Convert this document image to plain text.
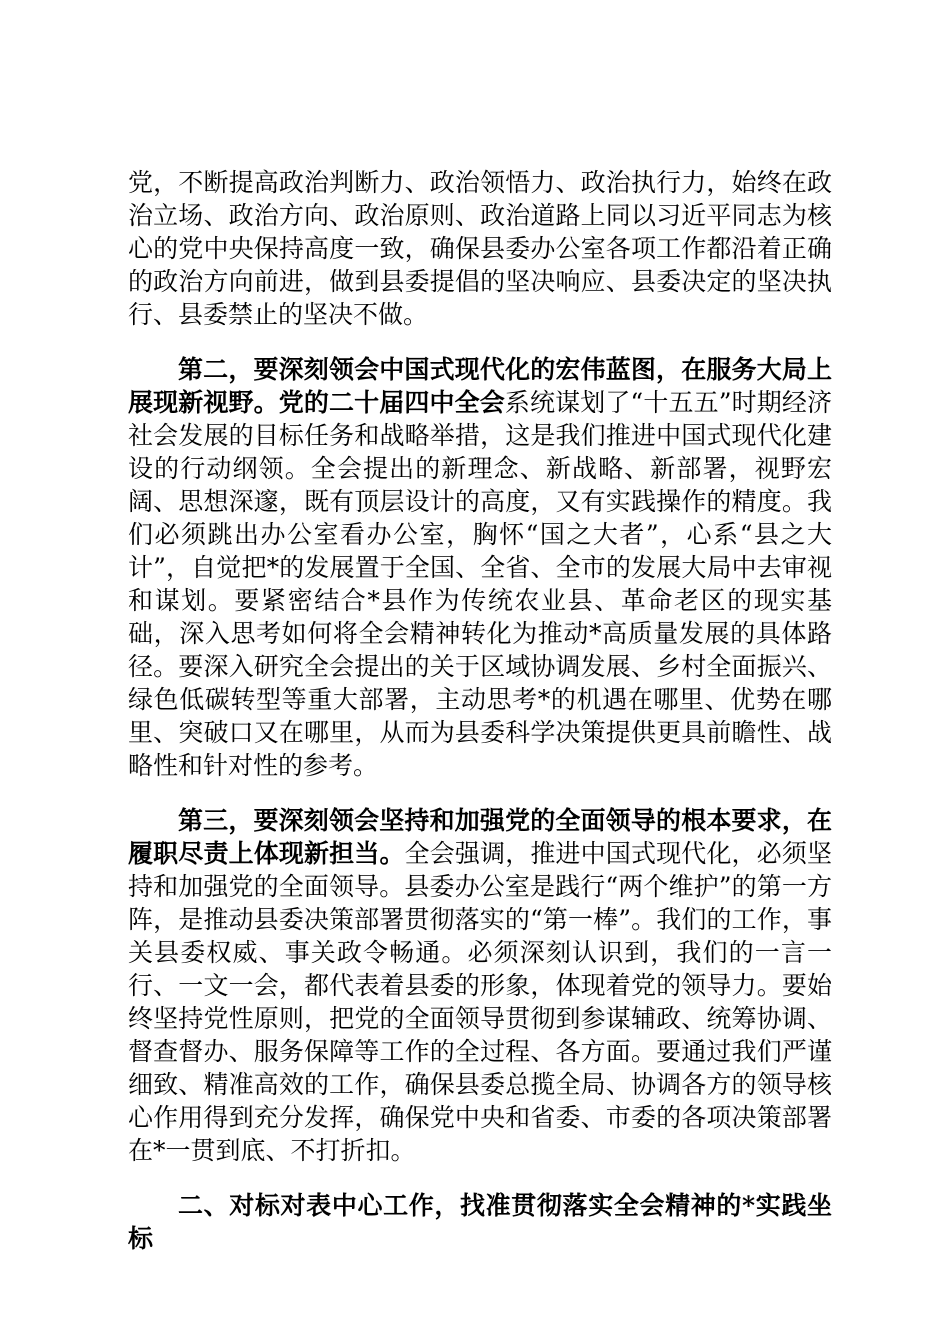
党，不断提高政治判断力、政治领悟力、政治执行力，始终在政治立场、政治方向、政治原则、政治道路上同以习近平同志为核心的党中央保持高度一致，确保县委办公室各项工作都沿着正确的政治方向前进，做到县委提倡的坚决响应、县委决定的坚决执行、县委禁止的坚决不做。

第二，要深刻领会中国式现代化的宏伟蓝图，在服务大局上展现新视野。党的二十届四中全会系统谋划了“十五五”时期经济社会发展的目标任务和战略举措，这是我们推进中国式现代化建设的行动纲领。全会提出的新理念、新战略、新部署，视野宏阔、思想深邃，既有顶层设计的高度，又有实践操作的精度。我们必须跳出办公室看办公室，胸怀“国之大者”，心系“县之大计”，自觉把*的发展置于全国、全省、全市的发展大局中去审视和谋划。要紧密结合*县作为传统农业县、革命老区的现实基础，深入思考如何将全会精神转化为推动*高质量发展的具体路径。要深入研究全会提出的关于区域协调发展、乡村全面振兴、绿色低碳转型等重大部署，主动思考*的机遇在哪里、优势在哪里、突破口又在哪里，从而为县委科学决策提供更具前瞻性、战略性和针对性的参考。

第三，要深刻领会坚持和加强党的全面领导的根本要求，在履职尽责上体现新担当。全会强调，推进中国式现代化，必须坚持和加强党的全面领导。县委办公室是践行“两个维护”的第一方阵，是推动县委决策部署贯彻落实的“第一棒”。我们的工作，事关县委权威、事关政令畅通。必须深刻认识到，我们的一言一行、一文一会，都代表着县委的形象，体现着党的领导力。要始终坚持党性原则，把党的全面领导贯彻到参谋辅政、统筹协调、督查督办、服务保障等工作的全过程、各方面。要通过我们严谨细致、精准高效的工作，确保县委总揽全局、协调各方的领导核心作用得到充分发挥，确保党中央和省委、市委的各项决策部署在*一贯到底、不打折扣。

二、对标对表中心工作，找准贯彻落实全会精神的*实践坐标
